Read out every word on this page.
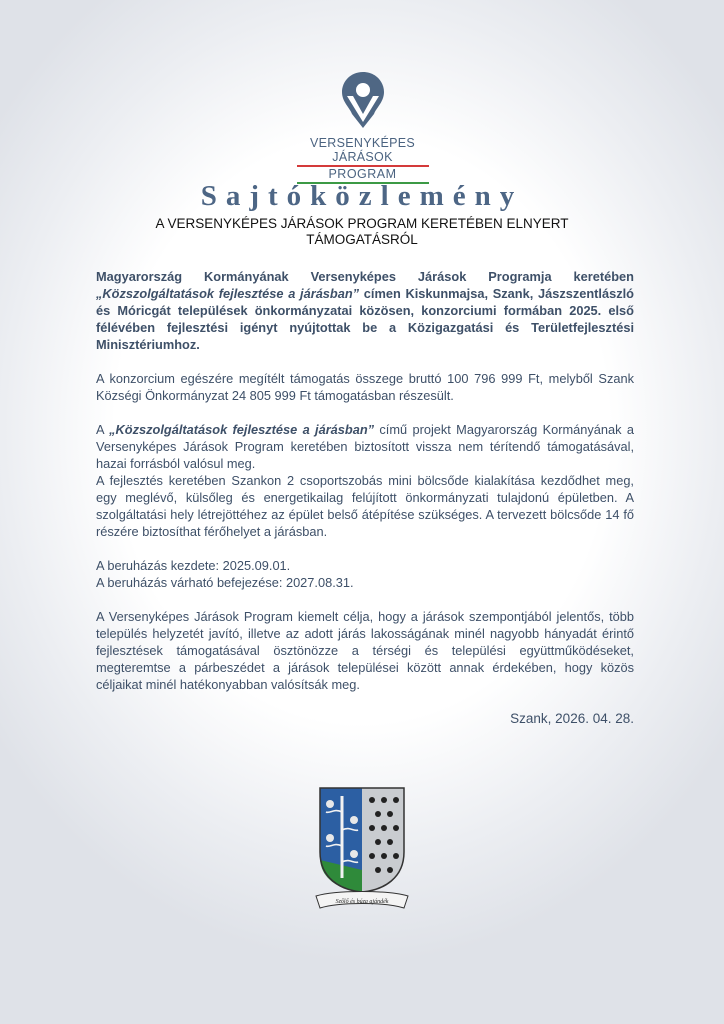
VERSENYKÉPES JÁRÁSOK
PROGRAM
Sajtóközlemény
A VERSENYKÉPES JÁRÁSOK PROGRAM KERETÉBEN ELNYERT TÁMOGATÁSRÓL

Magyarország Kormányának Versenyképes Járások Programja keretében „Közszolgáltatások fejlesztése a járásban” címen Kiskunmajsa, Szank, Jászszentlászló és Móricgát települések önkormányzatai közösen, konzorciumi formában 2025. első félévében fejlesztési igényt nyújtottak be a Közigazgatási és Területfejlesztési Minisztériumhoz.

A konzorcium egészére megítélt támogatás összege bruttó 100 796 999 Ft, melyből Szank Községi Önkormányzat 24 805 999 Ft támogatásban részesült.

A „Közszolgáltatások fejlesztése a járásban” című projekt Magyarország Kormányának a Versenyképes Járások Program keretében biztosított vissza nem térítendő támogatásával, hazai forrásból valósul meg.

A fejlesztés keretében Szankon 2 csoportszobás mini bölcsőde kialakítása kezdődhet meg, egy meglévő, külsőleg és energetikailag felújított önkormányzati tulajdonú épületben. A szolgáltatási hely létrejöttéhez az épület belső átépítése szükséges. A tervezett bölcsőde 14 fő részére biztosíthat férőhelyet a járásban.

A beruházás kezdete: 2025.09.01.

A beruházás várható befejezése: 2027.08.31.

A Versenyképes Járások Program kiemelt célja, hogy a járások szempontjából jelentős, több település helyzetét javító, illetve az adott járás lakosságának minél nagyobb hányadát érintő fejlesztések támogatásával ösztönözze a térségi és települési együttműködéseket, megteremtse a párbeszédet a járások települései között annak érdekében, hogy közös céljaikat minél hatékonyabban valósítsák meg.

Szank, 2026. 04. 28.
Szőlő és búza ajándék
